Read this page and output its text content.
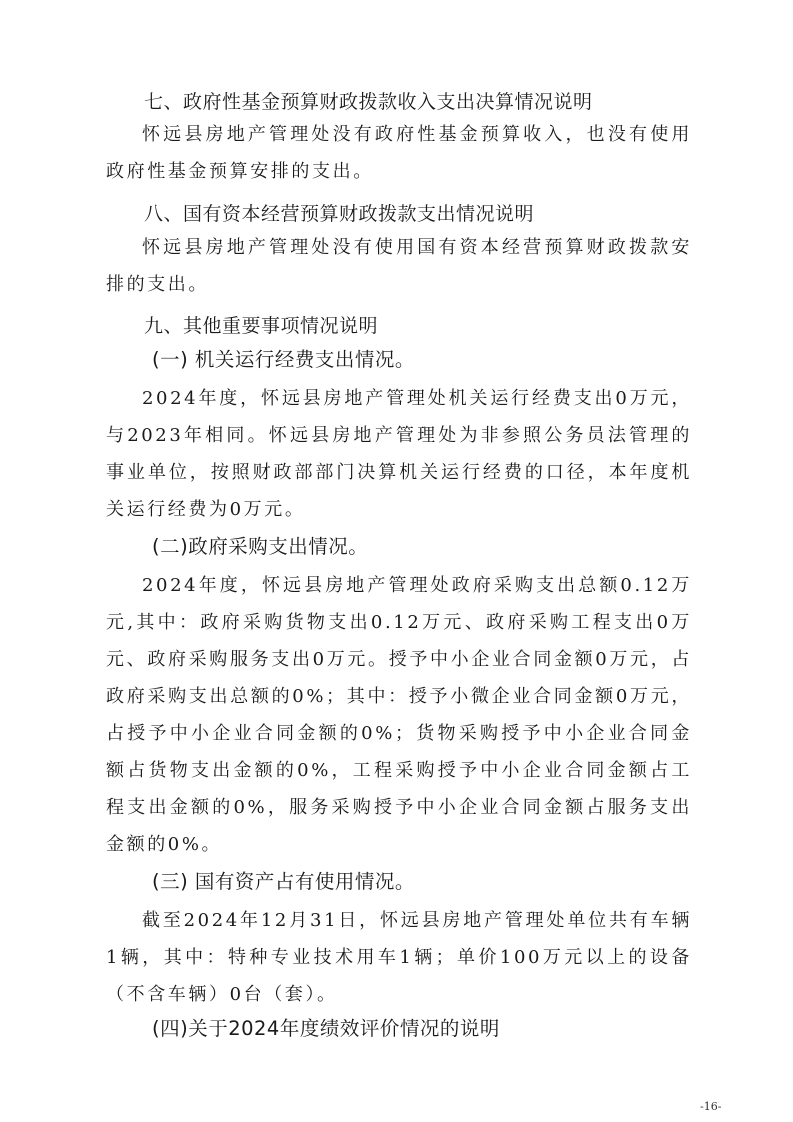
七、政府性基金预算财政拨款收入支出决算情况说明
怀远县房地产管理处没有政府性基金预算收入，也没有使用政府性基金预算安排的支出。
八、国有资本经营预算财政拨款支出情况说明
怀远县房地产管理处没有使用国有资本经营预算财政拨款安排的支出。
九、其他重要事项情况说明
(一) 机关运行经费支出情况。
2024年度，怀远县房地产管理处机关运行经费支出0万元，与2023年相同。怀远县房地产管理处为非参照公务员法管理的事业单位，按照财政部部门决算机关运行经费的口径，本年度机关运行经费为0万元。
(二)政府采购支出情况。
2024年度，怀远县房地产管理处政府采购支出总额0.12万元,其中：政府采购货物支出0.12万元、政府采购工程支出0万元、政府采购服务支出0万元。授予中小企业合同金额0万元，占政府采购支出总额的0%；其中：授予小微企业合同金额0万元， 占授予中小企业合同金额的0%；货物采购授予中小企业合同金额占货物支出金额的0%，工程采购授予中小企业合同金额占工程支出金额的0%，服务采购授予中小企业合同金额占服务支出金额的0%。
(三) 国有资产占有使用情况。
截至2024年12月31日，怀远县房地产管理处单位共有车辆1辆，其中：特种专业技术用车1辆；单价100万元以上的设备（不含车辆）0台（套）。
(四)关于2024年度绩效评价情况的说明
-16-
